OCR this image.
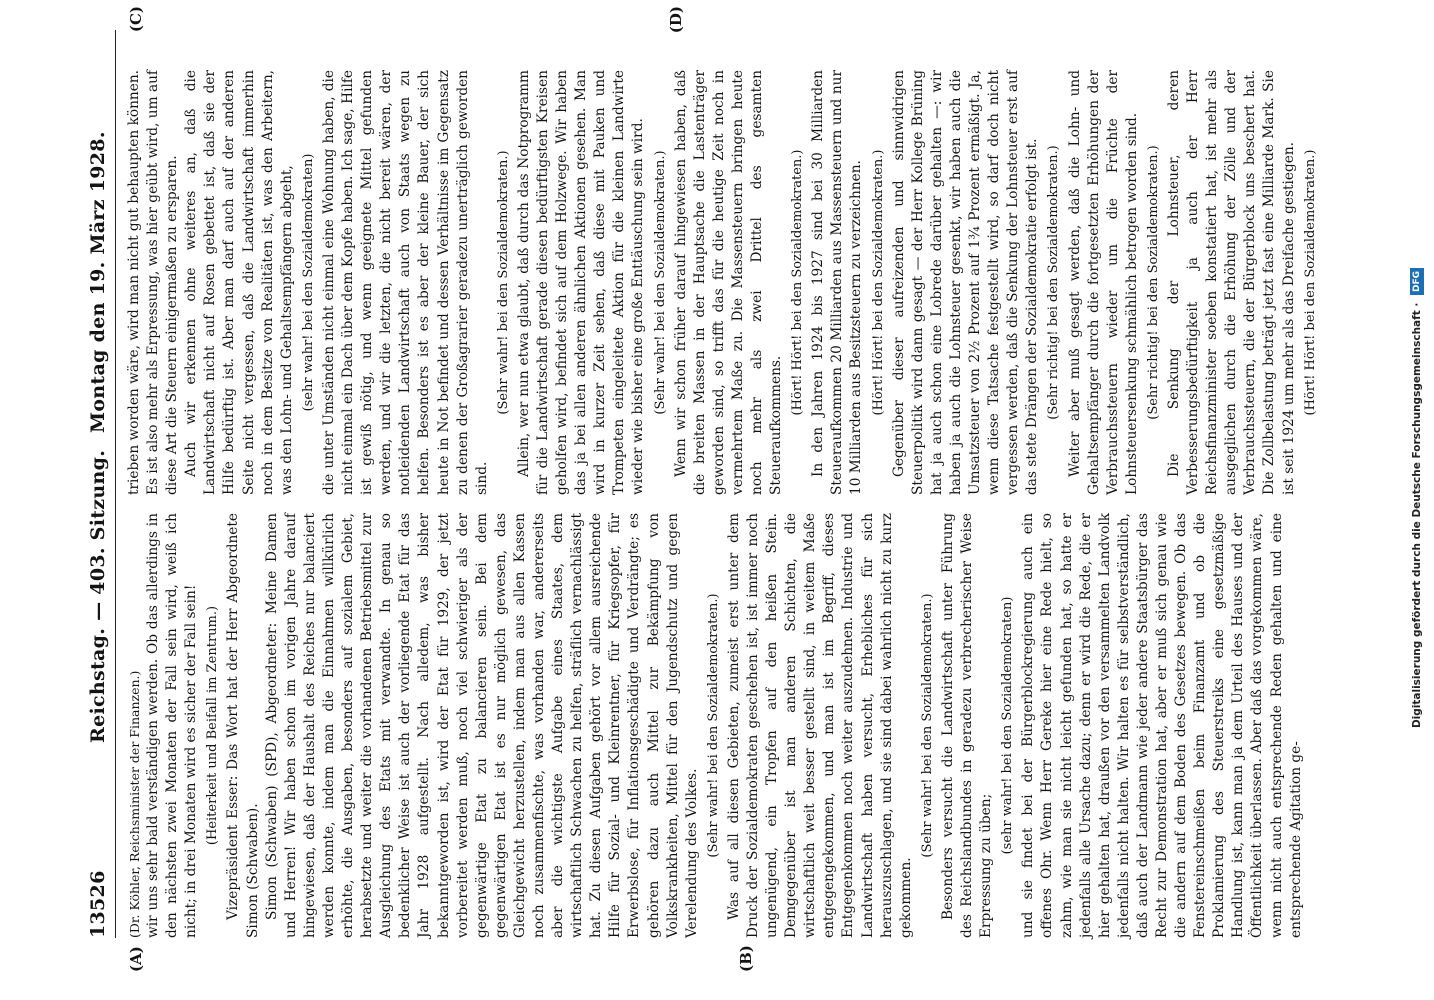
13526
Reichstag. — 403. Sitzung.
Montag den 19. März 1928.
(A)	(B)
(C)	(D)

(Dr. Köhler, Reichsminister der Finanzen.) wir uns sehr bald verständigen werden. Ob das allerdings in den nächsten zwei Monaten der Fall sein wird, weiß ich nicht; in drei Monaten wird es sicher der Fall sein! (Heiterkeit und Beifall im Zentrum.) Vizepräsident Esser: Das Wort hat der Herr Abgeordnete Simon (Schwaben). Simon (Schwaben) (SPD), Abgeordneter: Meine Damen und Herren! Wir haben schon im vorigen Jahre darauf hingewiesen, daß der Haushalt des Reiches nur balanciert werden konnte, indem man die Einnahmen willkürlich erhöhte, die Ausgaben, besonders auf sozialem Gebiet, herabsetzte und weiter die vorhandenen Betriebsmittel zur Ausgleichung des Etats mit verwandte. In genau so bedenklicher Weise ist auch der vorliegende Etat für das Jahr 1928 aufgestellt. Nach alledem, was bisher bekanntgeworden ist, wird der Etat für 1929, der jetzt vorbereitet werden muß, noch viel schwieriger als der gegenwärtige Etat zu balancieren sein. Bei dem gegenwärtigen Etat ist es nur möglich gewesen, das Gleichgewicht herzustellen, indem man aus allen Kassen noch zusammenfischte, was vorhanden war, andererseits aber die wichtigste Aufgabe eines Staates, dem wirtschaftlich Schwachen zu helfen, sträflich vernachlässigt hat. Zu diesen Aufgaben gehört vor allem ausreichende Hilfe für Sozial- und Kleinrentner, für Kriegsopfer, für Erwerbslose, für Inflationsgeschädigte und Verdrängte; es gehören dazu auch Mittel zur Bekämpfung von Volkskrankheiten, Mittel für den Jugendschutz und gegen Verelendung des Volkes. (Sehr wahr! bei den Sozialdemokraten.) Was auf all diesen Gebieten, zumeist erst unter dem Druck der Sozialdemokraten geschehen ist, ist immer noch ungenügend, ein Tropfen auf den heißen Stein. Demgegenüber ist man anderen Schichten, die wirtschaftlich weit besser gestellt sind, in weitem Maße entgegengekommen, und man ist im Begriff, dieses Entgegenkommen noch weiter auszudehnen. Industrie und Landwirtschaft haben versucht, Erhebliches für sich herauszuschlagen, und sie sind dabei wahrlich nicht zu kurz gekommen.

(Sehr wahr! bei den Sozialdemokraten.) Besonders versucht die Landwirtschaft unter Führung des Reichslandbundes in geradezu verbrecherischer Weise Erpressung zu üben;

(sehr wahr! bei den Sozialdemokraten) und sie findet bei der Bürgerblockregierung auch ein offenes Ohr. Wenn Herr Gereke hier eine Rede hielt, so zahm, wie man sie nicht leicht gefunden hat, so hatte er jedenfalls alle Ursache dazu; denn er wird die Rede, die er hier gehalten hat, draußen vor den versammelten Landvolk jedenfalls nicht halten. Wir halten es für selbstverständlich, daß auch der Landmann wie jeder andere Staatsbürger das Recht zur Demonstration hat, aber er muß sich genau wie die andern auf dem Boden des Gesetzes bewegen. Ob das Fenstereinschmeißen beim Finanzamt und ob die Proklamierung des Steuerstreiks eine gesetzmäßige Handlung ist, kann man ja dem Urteil des Hauses und der Öffentlichkeit überlassen. Aber daß das vorgekommen wäre, wenn nicht auch entsprechende Reden gehalten und eine entsprechende Agitation ge-

trieben worden wäre, wird man nicht gut behaupten können. Es ist also mehr als Erpressung, was hier geübt wird, um auf diese Art die Steuern einigermaßen zu ersparen. Auch wir erkennen ohne weiteres an, daß die Landwirtschaft nicht auf Rosen gebettet ist, daß sie der Hilfe bedürftig ist. Aber man darf auch auf der anderen Seite nicht vergessen, daß die Landwirtschaft immerhin noch in dem Besitze von Realitäten ist, was den Arbeitern, was den Lohn- und Gehaltsempfängern abgeht, (sehr wahr! bei den Sozialdemokraten) die unter Umständen nicht einmal eine Wohnung haben, die nicht einmal ein Dach über dem Kopfe haben. Ich sage, Hilfe ist gewiß nötig, und wenn geeignete Mittel gefunden werden, und wir die letzten, die nicht bereit wären, der notleidenden Landwirtschaft auch von Staats wegen zu helfen. Besonders ist es aber der kleine Bauer, der sich heute in Not befindet und dessen Verhältnisse im Gegensatz zu denen der Großagrarier geradezu unerträglich geworden sind.

(Sehr wahr! bei den Sozialdemokraten.) Allein, wer nun etwa glaubt, daß durch das Notprogramm für die Landwirtschaft gerade diesen bedürftigsten Kreisen geholfen wird, befindet sich auf dem Holzwege. Wir haben das ja bei allen anderen ähnlichen Aktionen gesehen. Man wird in kurzer Zeit sehen, daß diese mit Pauken und Trompeten eingeleitete Aktion für die kleinen Landwirte wieder wie bisher eine große Enttäuschung sein wird. (Sehr wahr! bei den Sozialdemokraten.) Wenn wir schon früher darauf hingewiesen haben, daß die breiten Massen in der Hauptsache die Lastenträger geworden sind, so trifft das für die heutige Zeit noch in vermehrtem Maße zu. Die Massensteuern bringen heute noch mehr als zwei Drittel des gesamten Steueraufkommens.

(Hört! Hört! bei den Sozialdemokraten.) In den Jahren 1924 bis 1927 sind bei 30 Milliarden Steueraufkommen 20 Milliarden aus Massensteuern und nur 10 Milliarden aus Besitzsteuern zu verzeichnen. (Hört! Hört! bei den Sozialdemokraten.) Gegenüber dieser aufreizenden und sinnwidrigen Steuerpolitik wird dann gesagt — der Herr Kollege Brüning hat ja auch schon eine Lobrede darüber gehalten —: wir haben ja auch die Lohnsteuer gesenkt, wir haben auch die Umsatzsteuer von 2½ Prozent auf 1¾ Prozent ermäßigt. Ja, wenn diese Tatsache festgestellt wird, so darf doch nicht vergessen werden, daß die Senkung der Lohnsteuer erst auf das stete Drängen der Sozialdemokratie erfolgt ist. (Sehr richtig! bei den Sozialdemokraten.) Weiter aber muß gesagt werden, daß die Lohn- und Gehaltsempfänger durch die fortgesetzten Erhöhungen der Verbrauchssteuern wieder um die Früchte der Lohnsteuersenkung schmählich betrogen worden sind. (Sehr richtig! bei den Sozialdemokraten.) Die Senkung der Lohnsteuer, deren Verbesserungsbedürftigkeit ja auch der Herr Reichsfinanzminister soeben konstatiert hat, ist mehr als ausgeglichen durch die Erhöhung der Zölle und der Verbrauchssteuern, die der Bürgerblock uns beschert hat. Die Zollbelastung beträgt jetzt fast eine Milliarde Mark. Sie ist seit 1924 um mehr als das Dreifache gestiegen. (Hört! Hört! bei den Sozialdemokraten.)

Digitalisierung gefördert durch die Deutsche Forschungsgemeinschaft · DFG
